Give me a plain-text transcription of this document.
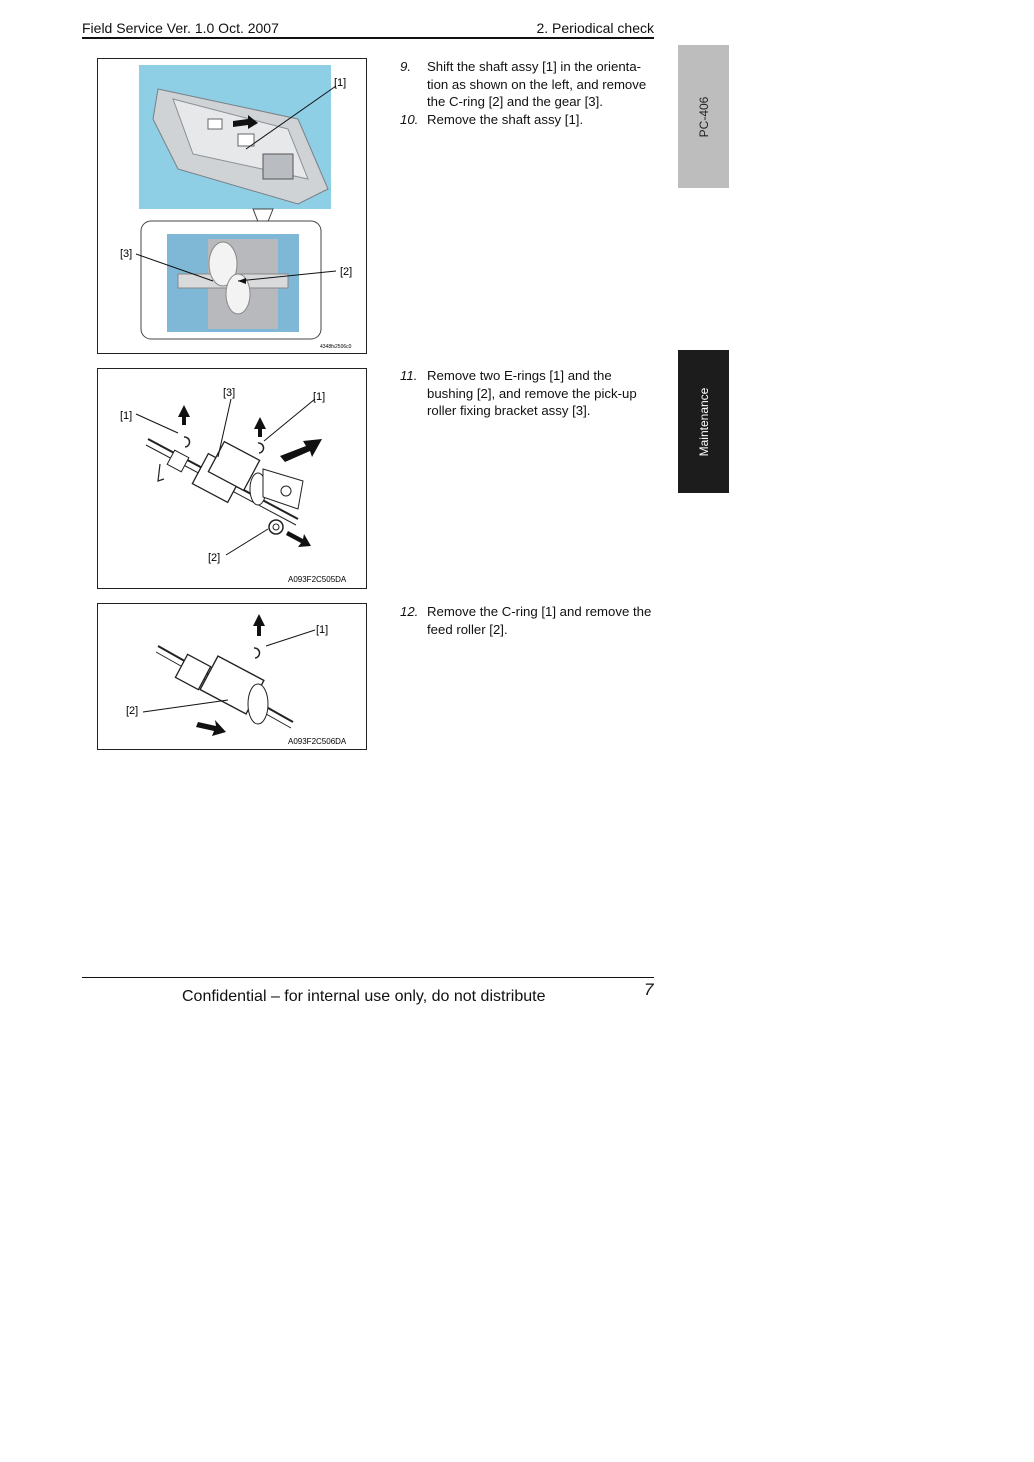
Field Service Ver. 1.0 Oct. 2007	2. Periodical check
[1]
[3]
[2]
4348fs2506c0
[1]
[3]
[1]
[2]
A093F2C505DA
[1]
[2]
A093F2C506DA
9.	Shift the shaft assy [1] in the orienta-tion as shown on the left, and remove the C-ring [2] and the gear [3].
10. Remove the shaft assy [1].
11. Remove two E-rings [1] and the bushing [2], and remove the pick-up roller fixing bracket assy [3].
12. Remove the C-ring [1] and remove the feed roller [2].
PC-406
Maintenance
Confidential – for internal use only, do not distribute	7
